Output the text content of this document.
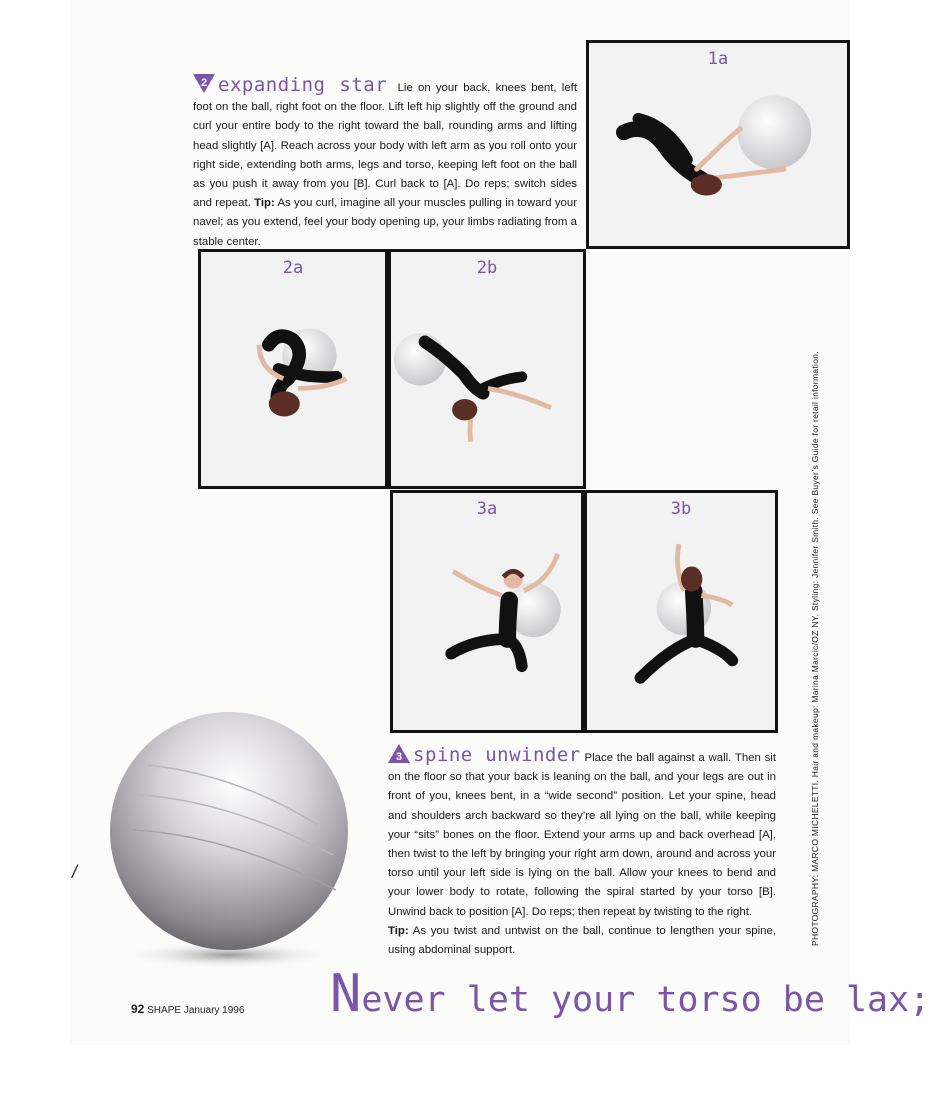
2 expanding star Lie on your back, knees bent, left foot on the ball, right foot on the floor. Lift left hip slightly off the ground and curl your entire body to the right toward the ball, rounding arms and lifting head slightly [A]. Reach across your body with left arm as you roll onto your right side, extending both arms, legs and torso, keeping left foot on the ball as you push it away from you [B]. Curl back to [A]. Do reps; switch sides and repeat. Tip: As you curl, imagine all your muscles pulling in toward your navel; as you extend, feel your body opening up, your limbs radiating from a stable center.
1a
2a	2b
3a	3b
/
3 spine unwinder Place the ball against a wall. Then sit on the floor so that your back is leaning on the ball, and your legs are out in front of you, knees bent, in a “wide second” position. Let your spine, head and shoulders arch backward so they’re all lying on the ball, while keeping your “sits” bones on the floor. Extend your arms up and back overhead [A], then twist to the left by bringing your right arm down, around and across your torso until your left side is lying on the ball. Allow your knees to bend and your lower body to rotate, following the spiral started by your torso [B]. Unwind back to position [A]. Do reps; then repeat by twisting to the right.
Tip: As you twist and untwist on the ball, continue to lengthen your spine, using abdominal support.
PHOTOGRAPHY: MARCO MICHELETTI. Hair and makeup: Marina Marcic/OZ NY. Styling: Jennifer Smith. See Buyer’s Guide for retail information.
92 SHAPE January 1996 Never let your torso be lax;
